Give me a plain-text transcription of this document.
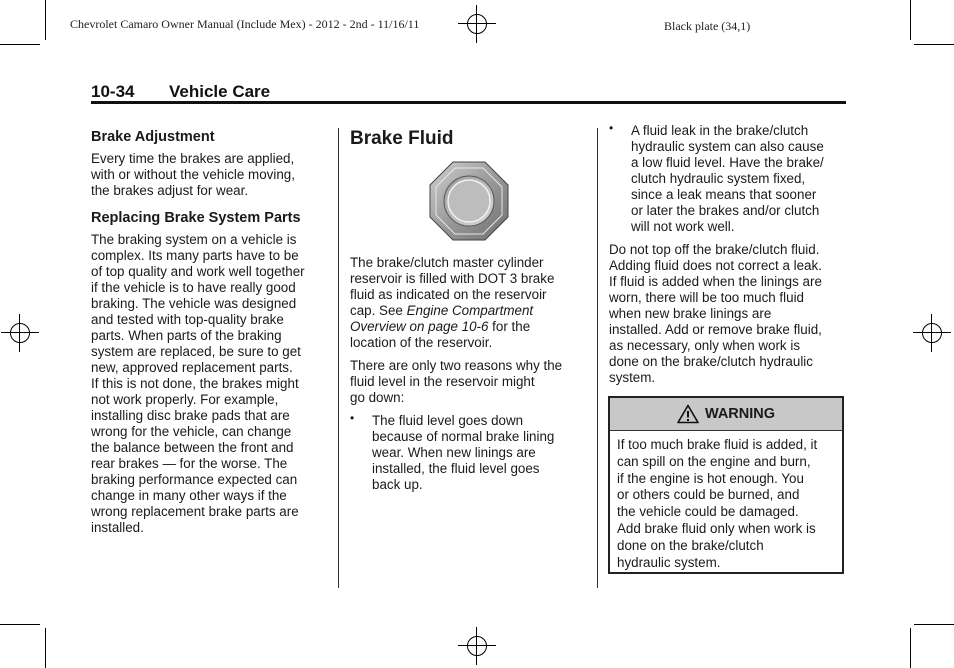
Chevrolet Camaro Owner Manual (Include Mex) - 2012 - 2nd - 11/16/11	Black plate (34,1)
10-34 Vehicle Care

Brake Adjustment

Every time the brakes are applied,
with or without the vehicle moving,
the brakes adjust for wear.

Replacing Brake System Parts

The braking system on a vehicle is
complex. Its many parts have to be
of top quality and work well together
if the vehicle is to have really good
braking. The vehicle was designed
and tested with top-quality brake
parts. When parts of the braking
system are replaced, be sure to get
new, approved replacement parts.
If this is not done, the brakes might
not work properly. For example,
installing disc brake pads that are
wrong for the vehicle, can change
the balance between the front and
rear brakes — for the worse. The
braking performance expected can
change in many other ways if the
wrong replacement brake parts are
installed.

Brake Fluid

The brake/clutch master cylinder
reservoir is filled with DOT 3 brake
fluid as indicated on the reservoir
cap. See Engine Compartment
Overview on page 10-6 for the
location of the reservoir.
There are only two reasons why the
fluid level in the reservoir might
go down:
• The fluid level goes down
because of normal brake lining
wear. When new linings are
installed, the fluid level goes
back up.
• A fluid leak in the brake/clutch
hydraulic system can also cause
a low fluid level. Have the brake/
clutch hydraulic system fixed,
since a leak means that sooner
or later the brakes and/or clutch
will not work well.
Do not top off the brake/clutch fluid.
Adding fluid does not correct a leak.
If fluid is added when the linings are
worn, there will be too much fluid
when new brake linings are
installed. Add or remove brake fluid,
as necessary, only when work is
done on the brake/clutch hydraulic
system.
WARNING
If too much brake fluid is added, it
can spill on the engine and burn,
if the engine is hot enough. You
or others could be burned, and
the vehicle could be damaged.
Add brake fluid only when work is
done on the brake/clutch
hydraulic system.
